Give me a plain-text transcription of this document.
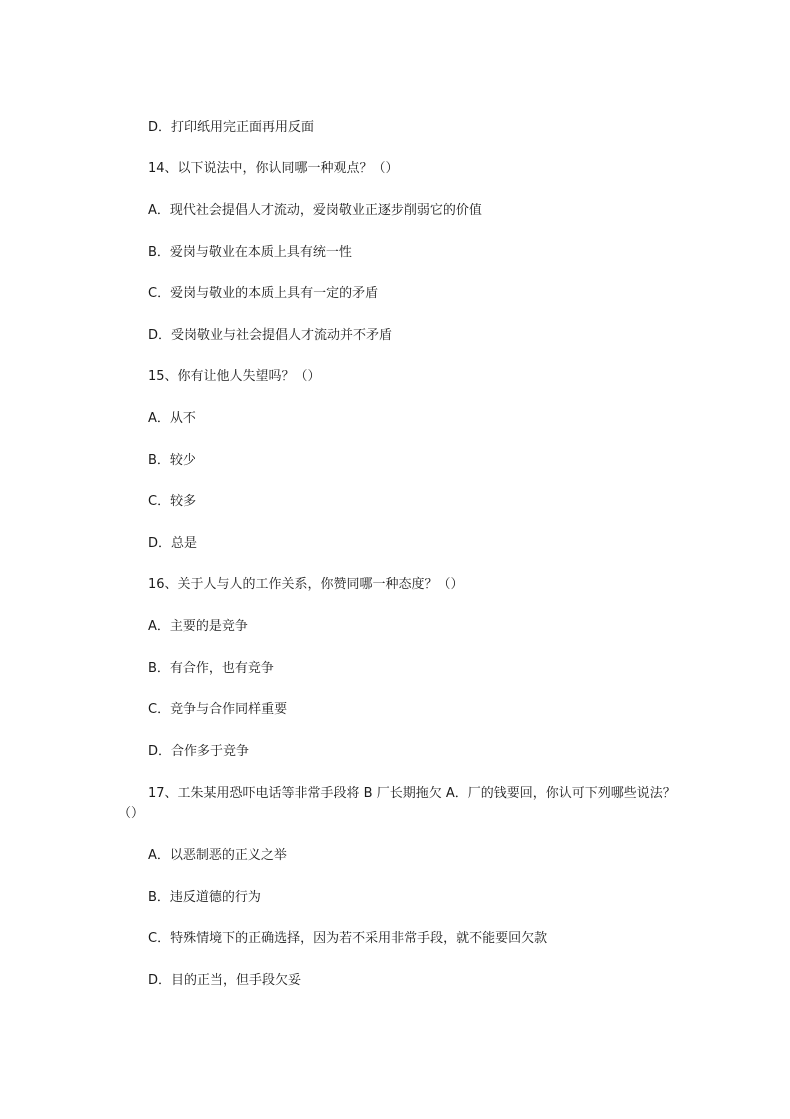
D．打印纸用完正面再用反面
14、以下说法中，你认同哪一种观点？（）
A．现代社会提倡人才流动，爱岗敬业正逐步削弱它的价值
B．爱岗与敬业在本质上具有统一性
C．爱岗与敬业的本质上具有一定的矛盾
D．受岗敬业与社会提倡人才流动并不矛盾
15、你有让他人失望吗？（）
A．从不
B．较少
C．较多
D．总是
16、关于人与人的工作关系，你赞同哪一种态度？（）
A．主要的是竞争
B．有合作，也有竞争
C．竞争与合作同样重要
D．合作多于竞争
17、工朱某用恐吓电话等非常手段将 B 厂长期拖欠 A．厂的钱要回，你认可下列哪些说法？（）
A．以恶制恶的正义之举
B．违反道德的行为
C．特殊情境下的正确选择，因为若不采用非常手段，就不能要回欠款
D．目的正当，但手段欠妥
